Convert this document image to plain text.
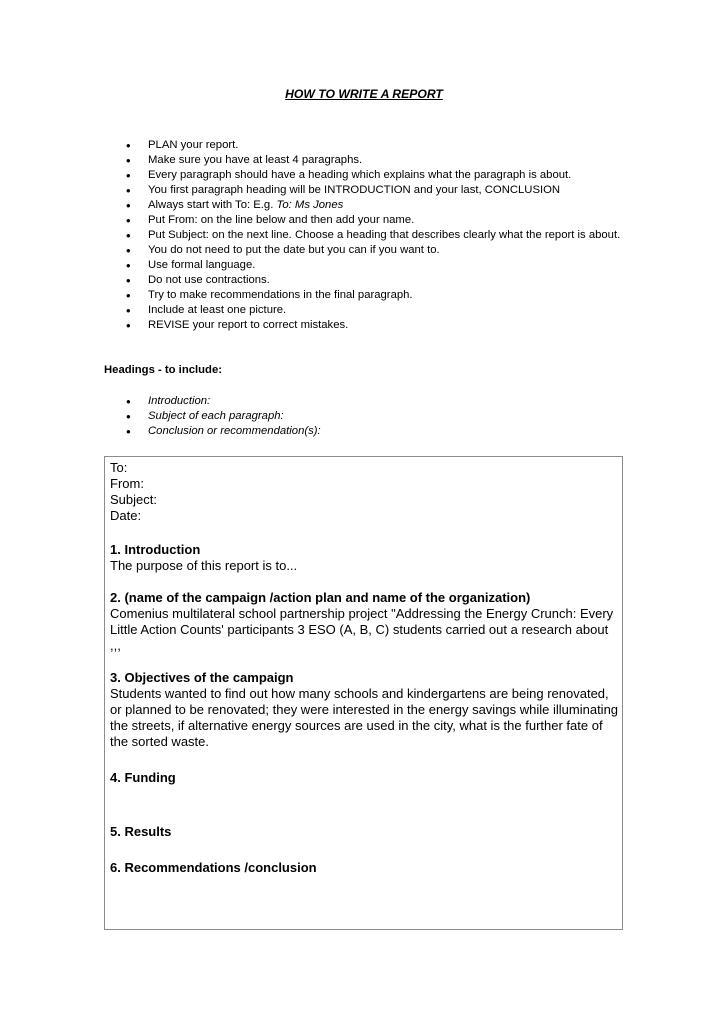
HOW TO WRITE A REPORT
• PLAN your report.
• Make sure you have at least 4 paragraphs.
• Every paragraph should have a heading which explains what the paragraph is about.
• You first paragraph heading will be INTRODUCTION and your last, CONCLUSION
• Always start with To: E.g. To: Ms Jones
• Put From: on the line below and then add your name.
• Put Subject: on the next line. Choose a heading that describes clearly what the report is about.
• You do not need to put the date but you can if you want to.
• Use formal language.
• Do not use contractions.
• Try to make recommendations in the final paragraph.
• Include at least one picture.
• REVISE your report to correct mistakes.
Headings - to include:
• Introduction:
• Subject of each paragraph:
• Conclusion or recommendation(s):

To:

From:

Subject:

Date:

1. Introduction

The purpose of this report is to...

2. (name of the campaign /action plan and name of the organization)

Comenius multilateral school partnership project "Addressing the Energy Crunch: Every Little Action Counts' participants 3 ESO (A, B, C) students carried out a research about ,,,

3. Objectives of the campaign

Students wanted to find out how many schools and kindergartens are being renovated, or planned to be renovated; they were interested in the energy savings while illuminating the streets, if alternative energy sources are used in the city, what is the further fate of the sorted waste.

4. Funding

5. Results

6. Recommendations /conclusion
